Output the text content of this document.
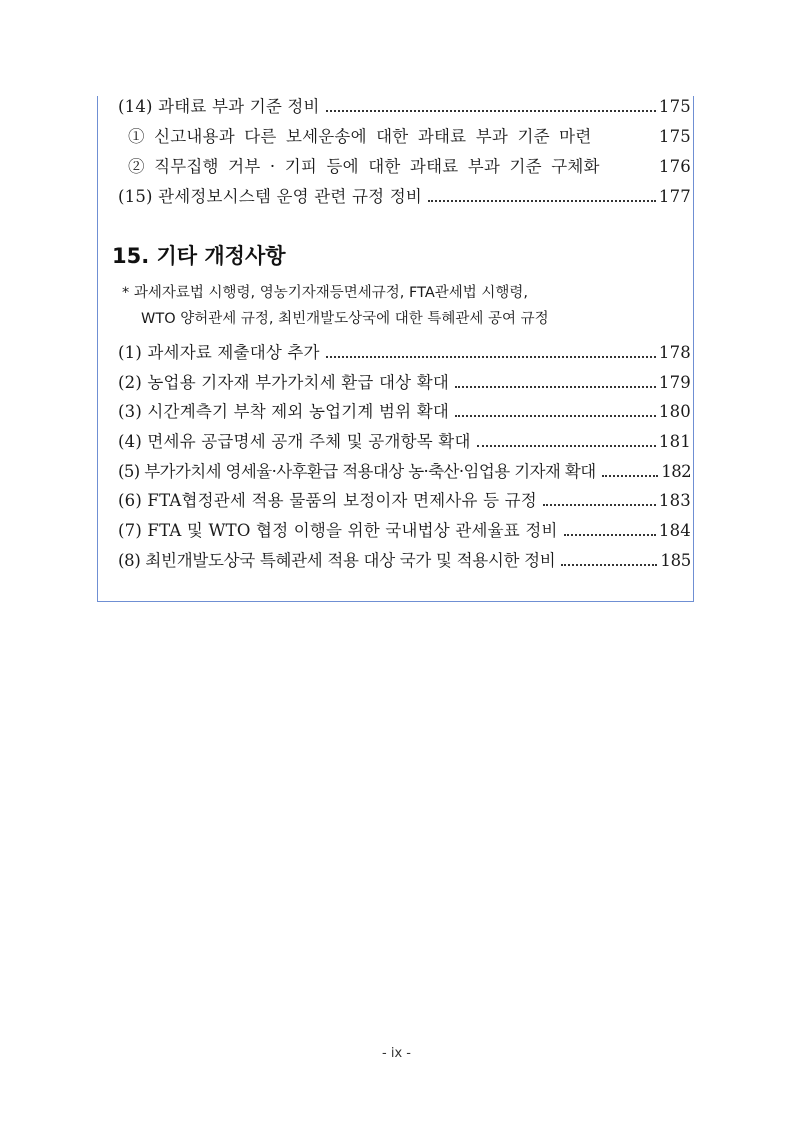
(14) 과태료 부과 기준 정비	175
① 신고내용과 다른 보세운송에 대한 과태료 부과 기준 마련	175
② 직무집행 거부 · 기피 등에 대한 과태료 부과 기준 구체화	176
(15) 관세정보시스템 운영 관련 규정 정비	177
15. 기타 개정사항
* 과세자료법 시행령, 영농기자재등면세규정, FTA관세법 시행령,
WTO 양허관세 규정, 최빈개발도상국에 대한 특혜관세 공여 규정
(1) 과세자료 제출대상 추가	178
(2) 농업용 기자재 부가가치세 환급 대상 확대	179
(3) 시간계측기 부착 제외 농업기계 범위 확대	180
(4) 면세유 공급명세 공개 주체 및 공개항목 확대	181
(5) 부가가치세 영세율·사후환급 적용대상 농·축산·임업용 기자재 확대	182
(6) FTA협정관세 적용 물품의 보정이자 면제사유 등 규정	183
(7) FTA 및 WTO 협정 이행을 위한 국내법상 관세율표 정비	184
(8) 최빈개발도상국 특혜관세 적용 대상 국가 및 적용시한 정비	185
- ix -
